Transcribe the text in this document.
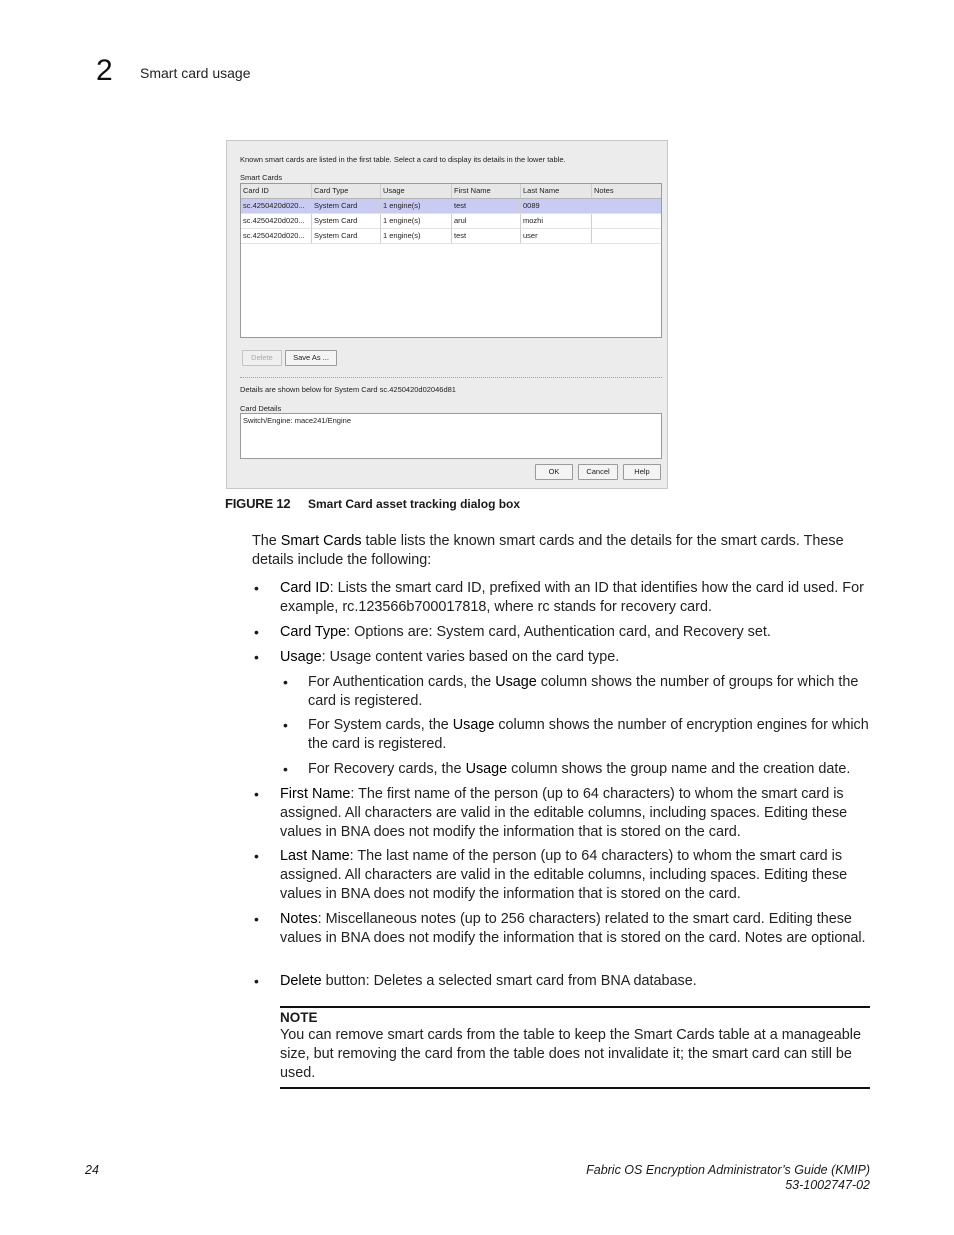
2 Smart card usage
Known smart cards are listed in the first table. Select a card to display its details in the lower table.
Smart Cards
Card ID	Card Type	Usage	First Name	Last Name	Notes
sc.4250420d020...	System Card	1 engine(s)	test	0089
sc.4250420d020...	System Card	1 engine(s)	arul	mozhi
sc.4250420d020...	System Card	1 engine(s)	test	user
Delete	Save As ...
Details are shown below for System Card sc.4250420d02046d81
Card Details
Switch/Engine: mace241/Engine
OK	Cancel	Help
FIGURE 12 Smart Card asset tracking dialog box
The Smart Cards table lists the known smart cards and the details for the smart cards. These details include the following:
• Card ID: Lists the smart card ID, prefixed with an ID that identifies how the card id used. For example, rc.123566b700017818, where rc stands for recovery card.
• Card Type: Options are: System card, Authentication card, and Recovery set.
• Usage: Usage content varies based on the card type.
• For Authentication cards, the Usage column shows the number of groups for which the card is registered.
• For System cards, the Usage column shows the number of encryption engines for which the card is registered.
• For Recovery cards, the Usage column shows the group name and the creation date.
• First Name: The first name of the person (up to 64 characters) to whom the smart card is assigned. All characters are valid in the editable columns, including spaces. Editing these values in BNA does not modify the information that is stored on the card.
• Last Name: The last name of the person (up to 64 characters) to whom the smart card is assigned. All characters are valid in the editable columns, including spaces. Editing these values in BNA does not modify the information that is stored on the card.
• Notes: Miscellaneous notes (up to 256 characters) related to the smart card. Editing these values in BNA does not modify the information that is stored on the card. Notes are optional.
• Delete button: Deletes a selected smart card from BNA database.
NOTE
You can remove smart cards from the table to keep the Smart Cards table at a manageable size, but removing the card from the table does not invalidate it; the smart card can still be used.
24	Fabric OS Encryption Administrator’s Guide (KMIP)
53-1002747-02
